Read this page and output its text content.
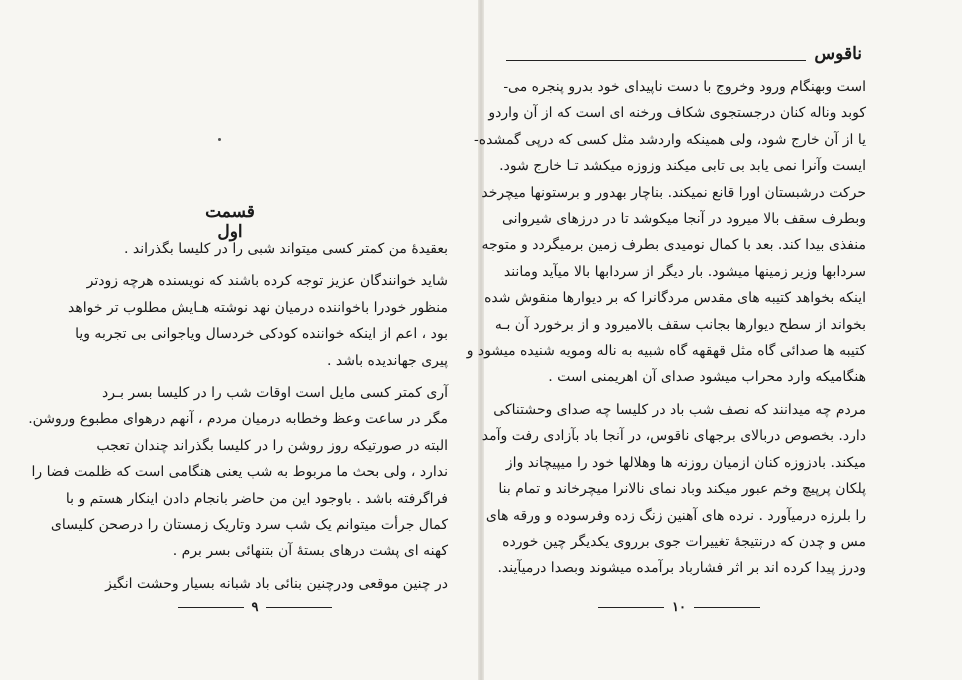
قسمت اول
بعقیدهٔ من کمتر کسی میتواند شبی را در کلیسا بگذراند .
شاید خوانندگان عزیز توجه کرده باشند که نویسنده هرچه زودتر
منظور خودرا باخواننده درمیان نهد نوشته هـایش مطلوب تر خواهد
بود ، اعم از اینکه خواننده کودکی خردسال ویاجوانی بی تجربه ویا
پیری جهاندیده باشد .
آری کمتر کسی مایل است اوقات شب را در کلیسا بسر بـرد
مگر در ساعت وعظ وخطابه درمیان مردم ، آنهم درهوای مطبوع وروشن.
البته در صورتیکه روز روشن را در کلیسا بگذراند چندان تعجب
ندارد ، ولی بحث ما مربوط به شب یعنی هنگامی است که ظلمت فضا را
فراگرفته باشد . باوجود این من حاضر بانجام دادن اینکار هستم و با
کمال جرأت میتوانم یک شب سرد وتاریک زمستان را درصحن کلیسای
کهنه ای پشت درهای بستهٔ آن بتنهائی بسر برم .
در چنین موقعی ودرچنین بنائی باد شبانه بسیار وحشت انگیز
۹
ناقوس
است وبهنگام ورود وخروج با دست ناپیدای خود بدرو پنجره می-
کوبد وناله کنان درجستجوی شکاف ورخنه ای است که از آن واردو
یا از آن خارج شود، ولی همینکه واردشد مثل کسی که درپی گمشده-
ایست وآنرا نمی یابد بی تابی میکند وزوزه میکشد تـا خارج شود.
حرکت درشبستان اورا قانع نمیکند. بناچار بهدور و برستونها میچرخد
وبطرف سقف بالا میرود در آنجا میکوشد تا در درزهای شیروانی
منفذی بیدا کند. بعد با کمال نومیدی بطرف زمین برمیگردد و متوجه
سردابها وزیر زمینها میشود. بار دیگر از سردابها بالا میآید ومانند
اینکه بخواهد کتیبه های مقدس مردگانرا که بر دیوارها منقوش شده
بخواند از سطح دیوارها بجانب سقف بالامیرود و از برخورد آن بـه
کتیبه ها صدائی گاه مثل قهقهه گاه شبیه به ناله ومویه شنیده میشود و
هنگامیکه وارد محراب میشود صدای آن اهریمنی است .
مردم چه میدانند که نصف شب باد در کلیسا چه صدای وحشتناکی
دارد. بخصوص دربالای برجهای ناقوس، در آنجا باد بآزادی رفت وآمد
میکند. بادزوزه کنان ازمیان روزنه ها وهلالها خود را میپیچاند واز
پلکان پرپیچ وخم عبور میکند وباد نمای نالانرا میچرخاند و تمام بنا
را بلرزه درمیآورد . نرده های آهنین زنگ زده وفرسوده و ورقه های
مس و چدن که درنتیجهٔ تغییرات جوی برروی یکدیگر چین خورده
ودرز پیدا کرده اند بر اثر فشارباد برآمده میشوند وبصدا درمیآیند.
۱۰
